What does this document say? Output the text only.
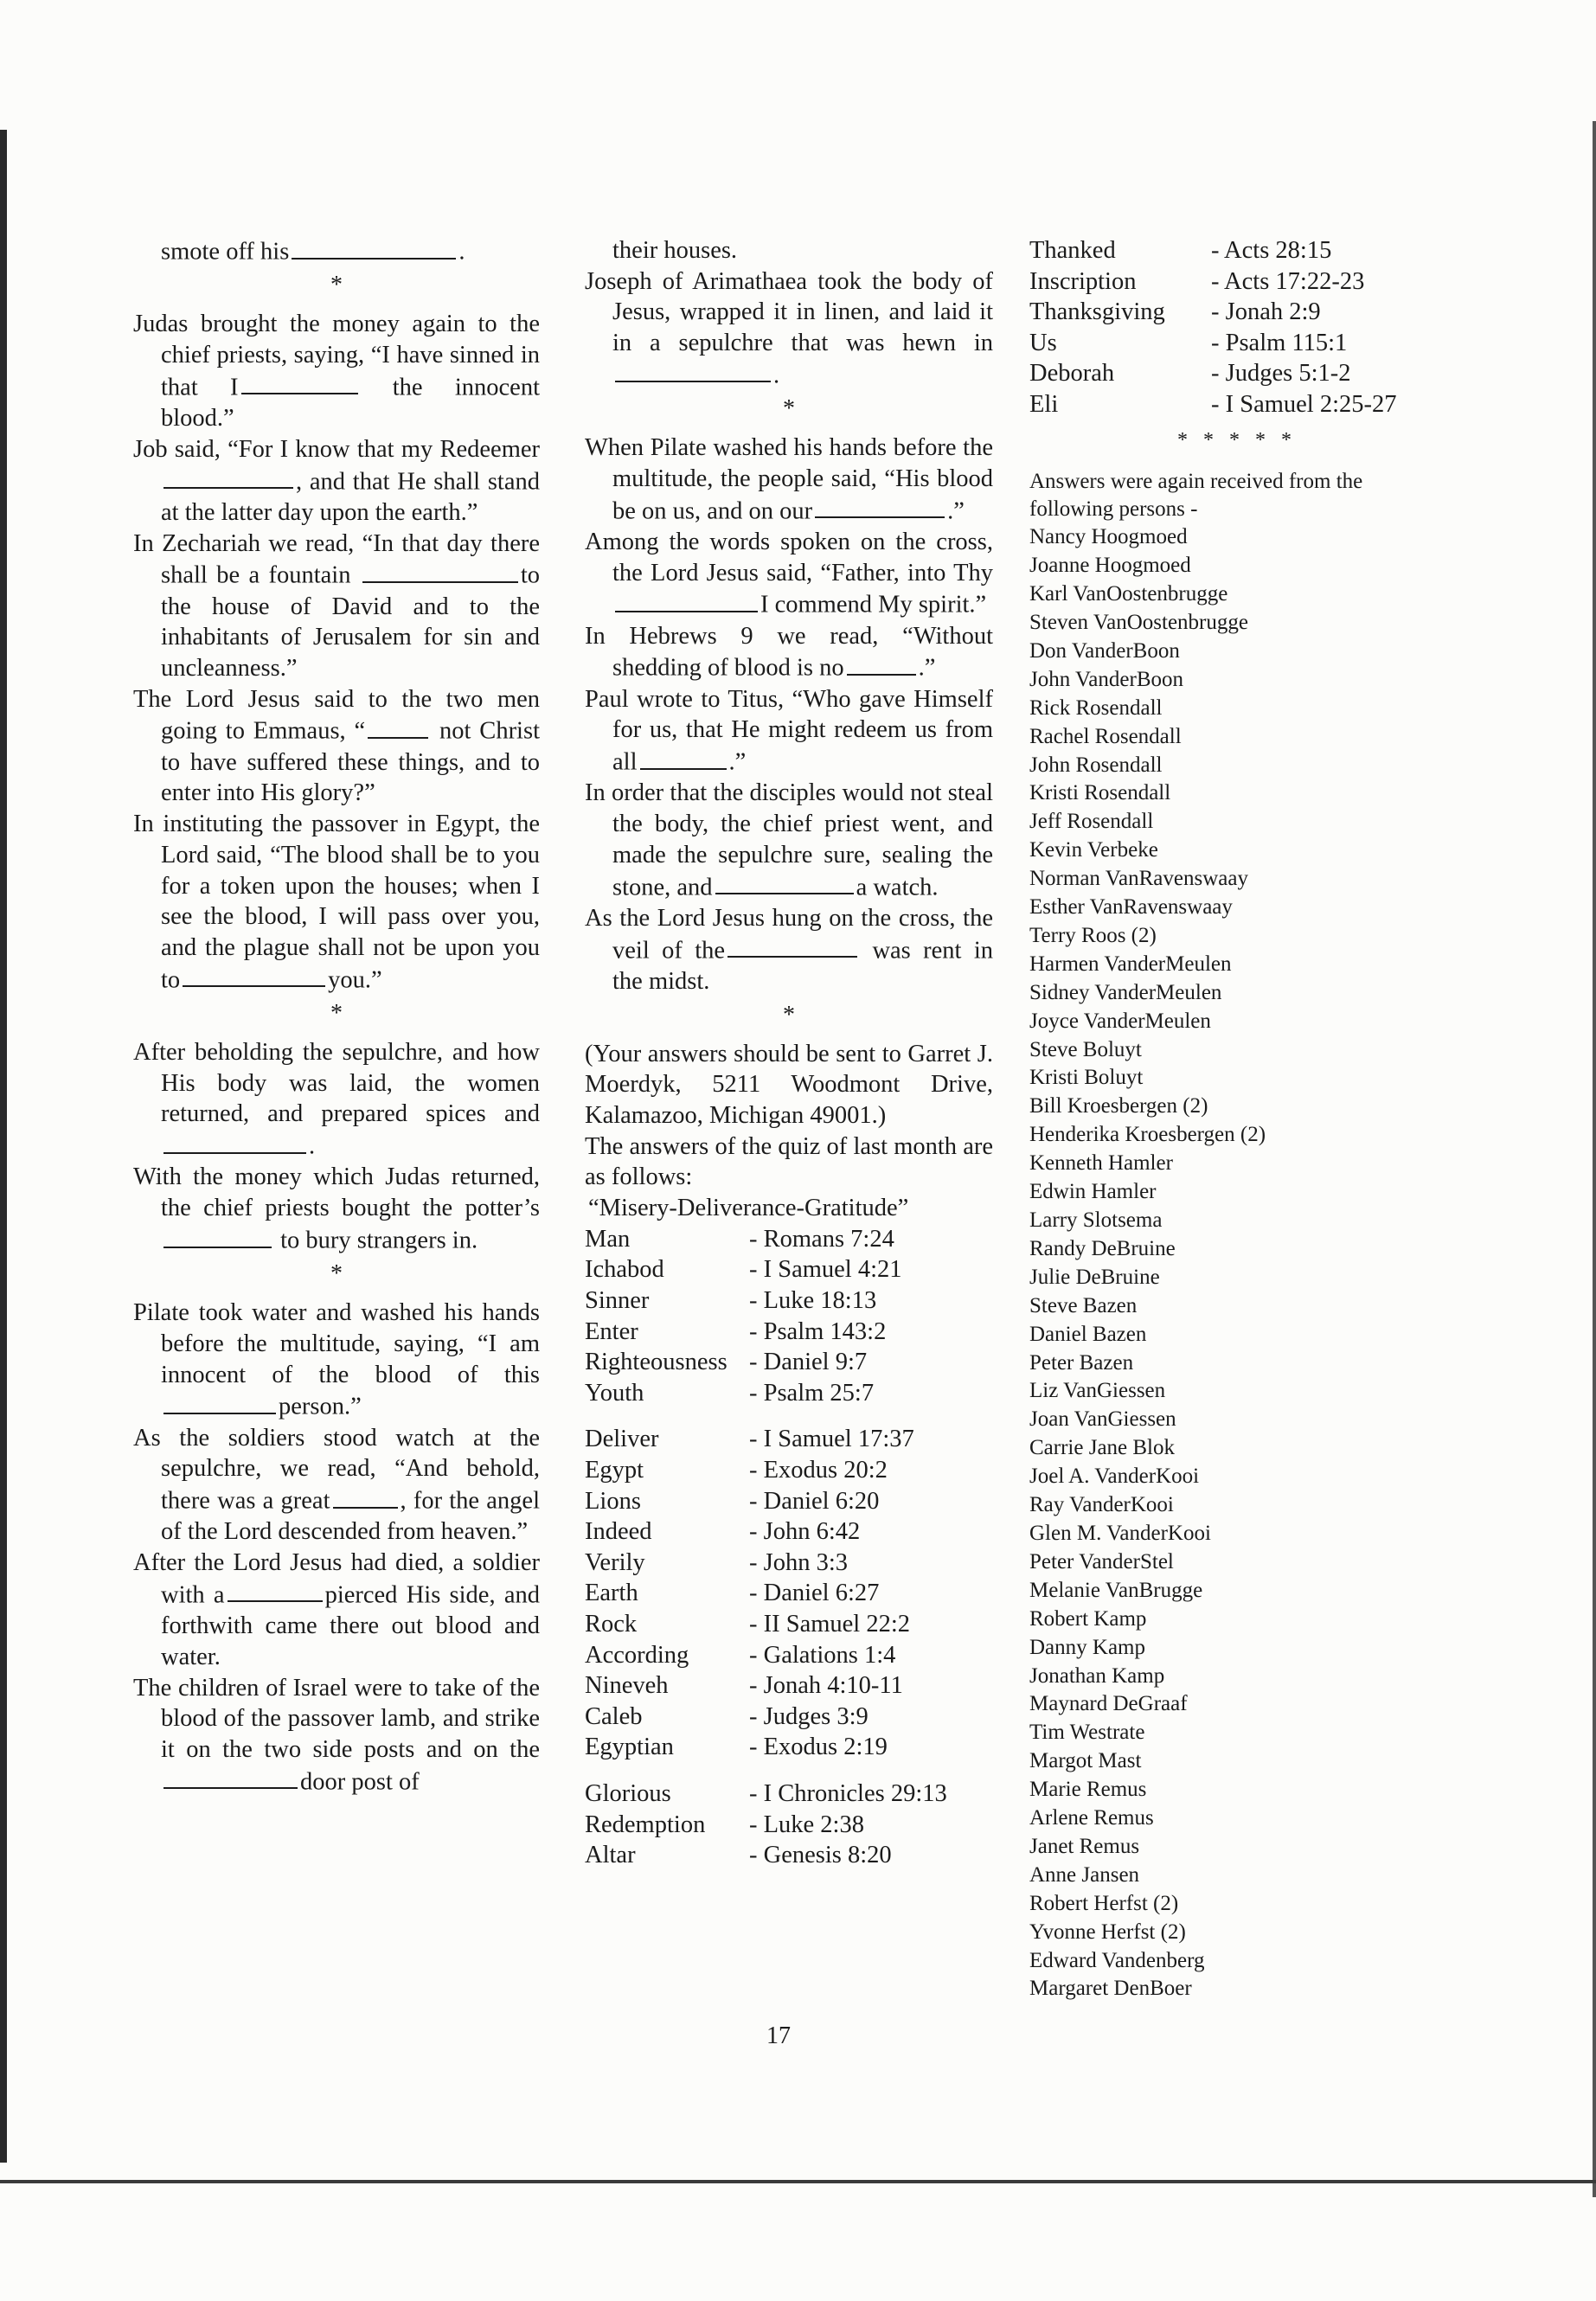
smote off his	.

*

Judas brought the money again to the chief priests, saying, “I have sinned in that I	the innocent blood.”

Job said, “For I know that my Redeemer, and that He shall stand at the latter day upon the earth.”

In Zechariah we read, “In that day there shall be a fountain	to the house of David and to the inhabitants of Jerusalem for sin and uncleanness.”

The Lord Jesus said to the two men going to Emmaus, “	not Christ to have suffered these things, and to enter into His glory?”

In instituting the passover in Egypt, the Lord said, “The blood shall be to you for a token upon the houses; when I see the blood, I will pass over you, and the plague shall not be upon you to	you.”

*

After beholding the sepulchre, and how His body was laid, the women returned, and prepared spices and.

With the money which Judas returned, the chief priests bought the potter’s to bury strangers in.

*

Pilate took water and washed his hands before the multitude, saying, “I am innocent of the blood of thisperson.”

As the soldiers stood watch at the sepulchre, we read, “And behold, there was a great	, for the angel of the Lord descended from heaven.”

After the Lord Jesus had died, a soldier with a	pierced His side, and forthwith came there out blood and water.

The children of Israel were to take of the blood of the passover lamb, and strike it on the two side posts and on thedoor post of

their houses.

Joseph of Arimathaea took the body of Jesus, wrapped it in linen, and laid it in a sepulchre that was hewn in.

*

When Pilate washed his hands before the multitude, the people said, “His blood be on us, and on our	.”

Among the words spoken on the cross, the Lord Jesus said, “Father, into ThyI commend My spirit.”

In Hebrews 9 we read, “Without shedding of blood is no	.”

Paul wrote to Titus, “Who gave Himself for us, that He might redeem us from all	.”

In order that the disciples would not steal the body, the chief priest went, and made the sepulchre sure, sealing the stone, and	a watch.

As the Lord Jesus hung on the cross, the veil of the	was rent in the midst.

*

(Your answers should be sent to Garret J. Moerdyk, 5211 Woodmont Drive, Kalamazoo, Michigan 49001.)

The answers of the quiz of last month are as follows:

“Misery-Deliverance-Gratitude”

Man	- Romans 7:24
Ichabod	- I Samuel 4:21
Sinner	- Luke 18:13
Enter	- Psalm 143:2
Righteousness	- Daniel 9:7
Youth	- Psalm 25:7
Deliver	- I Samuel 17:37
Egypt	- Exodus 20:2
Lions	- Daniel 6:20
Indeed	- John 6:42
Verily	- John 3:3
Earth	- Daniel 6:27
Rock	- II Samuel 22:2
According	- Galations 1:4
Nineveh	- Jonah 4:10-11
Caleb	- Judges 3:9
Egyptian	- Exodus 2:19
Glorious	- I Chronicles 29:13
Redemption	- Luke 2:38
Altar	- Genesis 8:20
Thanked	- Acts 28:15
Inscription	- Acts 17:22-23
Thanksgiving	- Jonah 2:9
Us	- Psalm 115:1
Deborah	- Judges 5:1-2
Eli	- I Samuel 2:25-27
* * * * *

Answers were again received from the following persons -

Nancy Hoogmoed
Joanne Hoogmoed
Karl VanOostenbrugge
Steven VanOostenbrugge
Don VanderBoon
John VanderBoon
Rick Rosendall
Rachel Rosendall
John Rosendall
Kristi Rosendall
Jeff Rosendall
Kevin Verbeke
Norman VanRavenswaay
Esther VanRavenswaay
Terry Roos (2)
Harmen VanderMeulen
Sidney VanderMeulen
Joyce VanderMeulen
Steve Boluyt
Kristi Boluyt
Bill Kroesbergen (2)
Henderika Kroesbergen (2)
Kenneth Hamler
Edwin Hamler
Larry Slotsema
Randy DeBruine
Julie DeBruine
Steve Bazen
Daniel Bazen
Peter Bazen
Liz VanGiessen
Joan VanGiessen
Carrie Jane Blok
Joel A. VanderKooi
Ray VanderKooi
Glen M. VanderKooi
Peter VanderStel
Melanie VanBrugge
Robert Kamp
Danny Kamp
Jonathan Kamp
Maynard DeGraaf
Tim Westrate
Margot Mast
Marie Remus
Arlene Remus
Janet Remus
Anne Jansen
Robert Herfst (2)
Yvonne Herfst (2)
Edward Vandenberg
Margaret DenBoer
17
